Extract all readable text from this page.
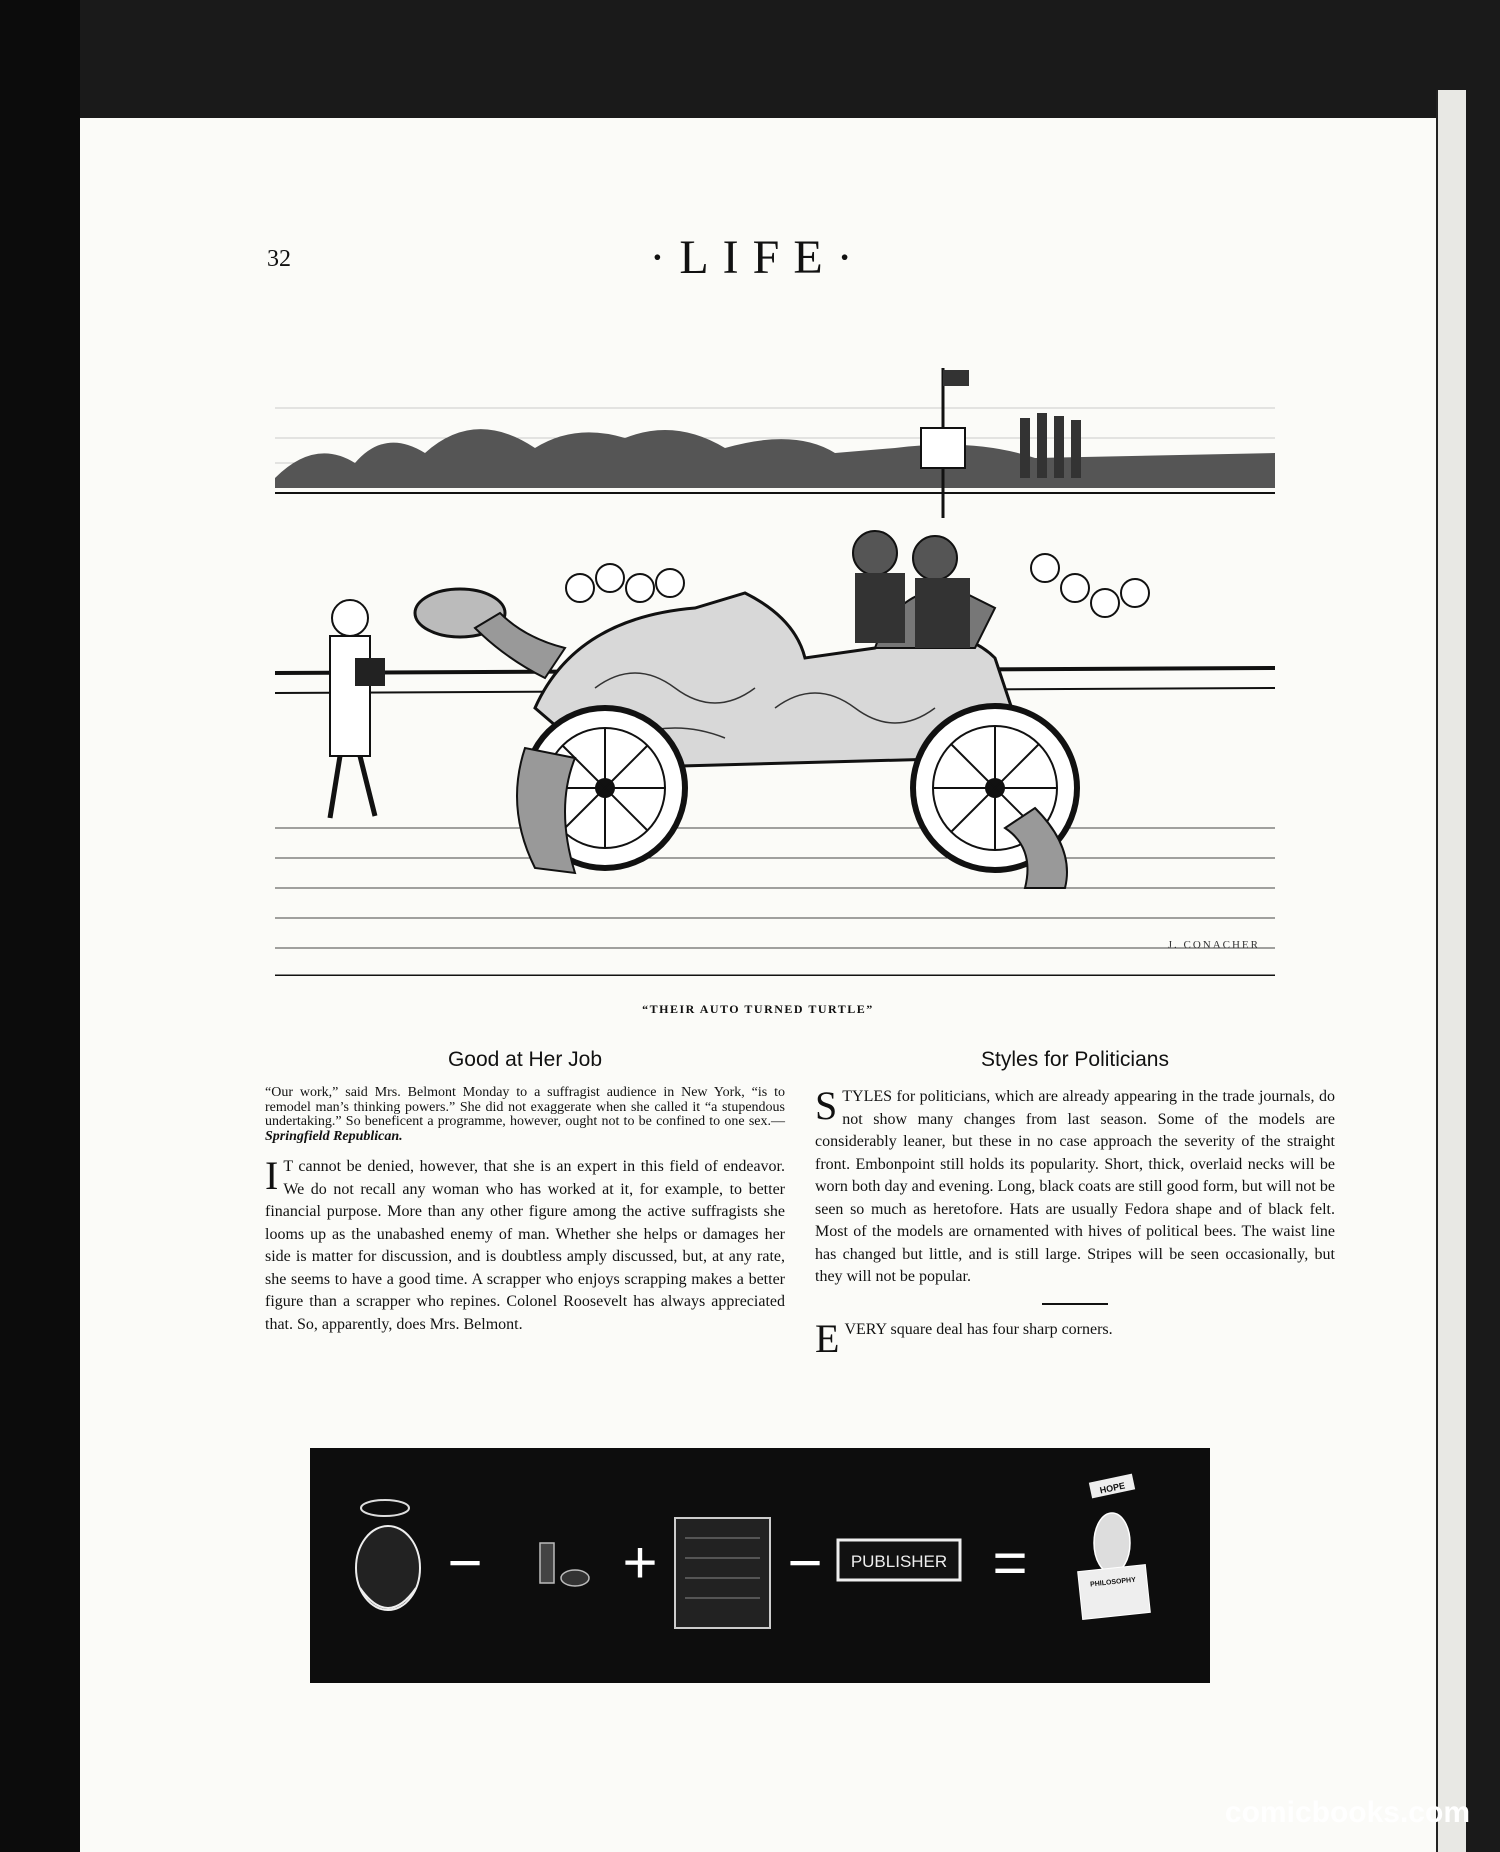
32	·LIFE·
J. CONACHER
“THEIR AUTO TURNED TURTLE”
Good at Her Job

“Our work,” said Mrs. Belmont Monday to a suffragist audience in New York, “is to remodel man’s thinking powers.” She did not exaggerate when she called it “a stupendous undertaking.” So beneficent a programme, however, ought not to be confined to one sex.—Springfield Republican.

I T cannot be denied, however, that she is an expert in this field of endeavor. We do not recall any woman who has worked at it, for example, to better financial purpose. More than any other figure among the active suffragists she looms up as the unabashed enemy of man. Whether she helps or damages her side is matter for discussion, and is doubtless amply discussed, but, at any rate, she seems to have a good time. A scrapper who enjoys scrapping makes a better figure than a scrapper who repines. Colonel Roosevelt has always appreciated that. So, apparently, does Mrs. Belmont.

Styles for Politicians

STYLES for politicians, which are already appearing in the trade journals, do not show many changes from last season. Some of the models are considerably leaner, but these in no case approach the severity of the straight front. Embonpoint still holds its popularity. Short, thick, overlaid necks will be worn both day and evening. Long, black coats are still good form, but will not be seen so much as heretofore. Hats are usually Fedora shape and of black felt. Most of the models are ornamented with hives of political bees. The waist line has changed but little, and is still large. Stripes will be seen occasionally, but they will not be popular.

EVERY square deal has four sharp corners.

− + − PUBLISHER =
HOPE
PHILOSOPHY
comicbooks.com
